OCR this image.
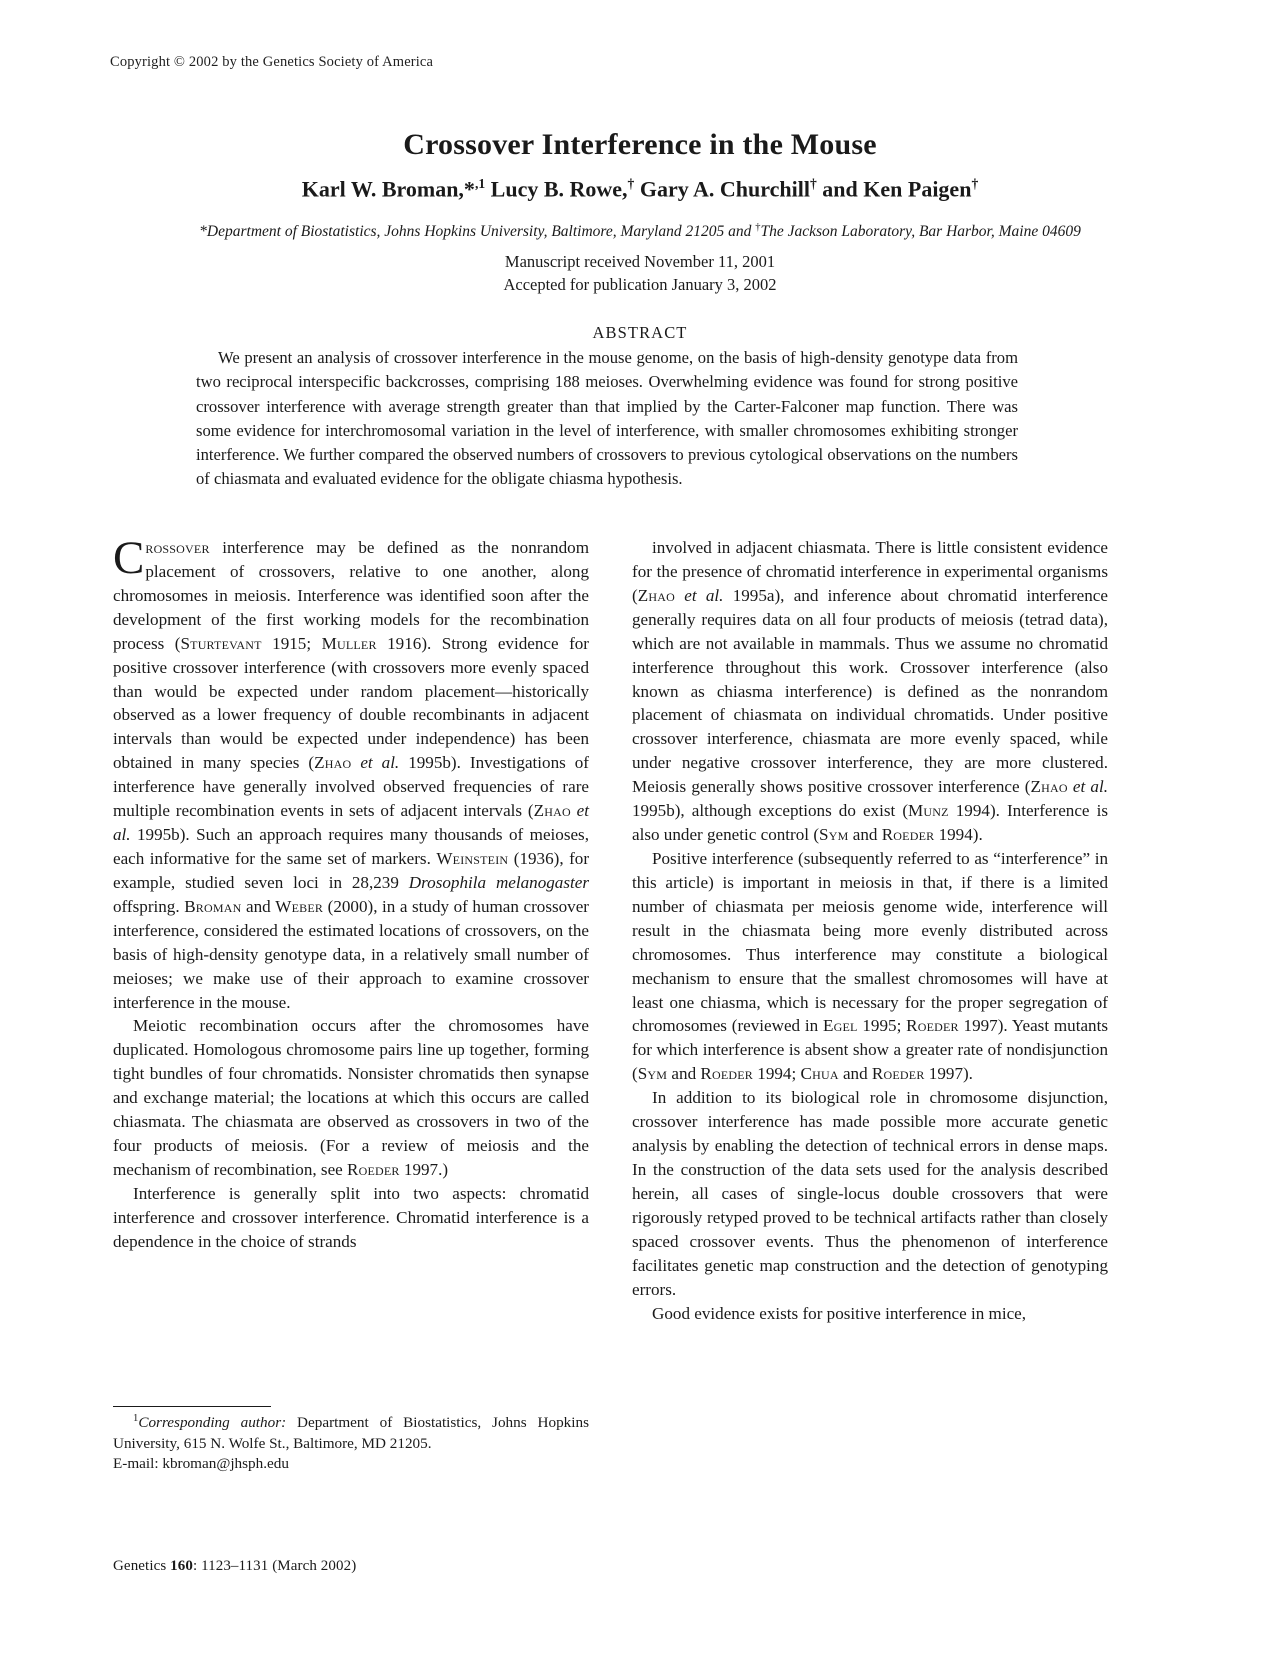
Copyright © 2002 by the Genetics Society of America
Crossover Interference in the Mouse
Karl W. Broman,*$^{,1}$ Lucy B. Rowe,† Gary A. Churchill† and Ken Paigen†
*Department of Biostatistics, Johns Hopkins University, Baltimore, Maryland 21205 and †The Jackson Laboratory, Bar Harbor, Maine 04609
Manuscript received November 11, 2001
Accepted for publication January 3, 2002
ABSTRACT
We present an analysis of crossover interference in the mouse genome, on the basis of high-density genotype data from two reciprocal interspecific backcrosses, comprising 188 meioses. Overwhelming evidence was found for strong positive crossover interference with average strength greater than that implied by the Carter-Falconer map function. There was some evidence for interchromosomal variation in the level of interference, with smaller chromosomes exhibiting stronger interference. We further compared the observed numbers of crossovers to previous cytological observations on the numbers of chiasmata and evaluated evidence for the obligate chiasma hypothesis.

Crossover interference may be defined as the nonrandom placement of crossovers, relative to one another, along chromosomes in meiosis. Interference was identified soon after the development of the first working models for the recombination process (Sturtevant 1915; Muller 1916). Strong evidence for positive crossover interference (with crossovers more evenly spaced than would be expected under random placement—historically observed as a lower frequency of double recombinants in adjacent intervals than would be expected under independence) has been obtained in many species (Zhao et al. 1995b). Investigations of interference have generally involved observed frequencies of rare multiple recombination events in sets of adjacent intervals (Zhao et al. 1995b). Such an approach requires many thousands of meioses, each informative for the same set of markers. Weinstein (1936), for example, studied seven loci in 28,239 Drosophila melanogaster offspring. Broman and Weber (2000), in a study of human crossover interference, considered the estimated locations of crossovers, on the basis of high-density genotype data, in a relatively small number of meioses; we make use of their approach to examine crossover interference in the mouse.

Meiotic recombination occurs after the chromosomes have duplicated. Homologous chromosome pairs line up together, forming tight bundles of four chromatids. Nonsister chromatids then synapse and exchange material; the locations at which this occurs are called chiasmata. The chiasmata are observed as crossovers in two of the four products of meiosis. (For a review of meiosis and the mechanism of recombination, see Roeder 1997.)

Interference is generally split into two aspects: chromatid interference and crossover interference. Chromatid interference is a dependence in the choice of strands

involved in adjacent chiasmata. There is little consistent evidence for the presence of chromatid interference in experimental organisms (Zhao et al. 1995a), and inference about chromatid interference generally requires data on all four products of meiosis (tetrad data), which are not available in mammals. Thus we assume no chromatid interference throughout this work. Crossover interference (also known as chiasma interference) is defined as the nonrandom placement of chiasmata on individual chromatids. Under positive crossover interference, chiasmata are more evenly spaced, while under negative crossover interference, they are more clustered. Meiosis generally shows positive crossover interference (Zhao et al. 1995b), although exceptions do exist (Munz 1994). Interference is also under genetic control (Sym and Roeder 1994).

Positive interference (subsequently referred to as “interference” in this article) is important in meiosis in that, if there is a limited number of chiasmata per meiosis genome wide, interference will result in the chiasmata being more evenly distributed across chromosomes. Thus interference may constitute a biological mechanism to ensure that the smallest chromosomes will have at least one chiasma, which is necessary for the proper segregation of chromosomes (reviewed in Egel 1995; Roeder 1997). Yeast mutants for which interference is absent show a greater rate of nondisjunction (Sym and Roeder 1994; Chua and Roeder 1997).

In addition to its biological role in chromosome disjunction, crossover interference has made possible more accurate genetic analysis by enabling the detection of technical errors in dense maps. In the construction of the data sets used for the analysis described herein, all cases of single-locus double crossovers that were rigorously retyped proved to be technical artifacts rather than closely spaced crossover events. Thus the phenomenon of interference facilitates genetic map construction and the detection of genotyping errors.

Good evidence exists for positive interference in mice,

$^1$Corresponding author: Department of Biostatistics, Johns Hopkins University, 615 N. Wolfe St., Baltimore, MD 21205.
E-mail: kbroman@jhsph.edu
Genetics 160: 1123–1131 (March 2002)
